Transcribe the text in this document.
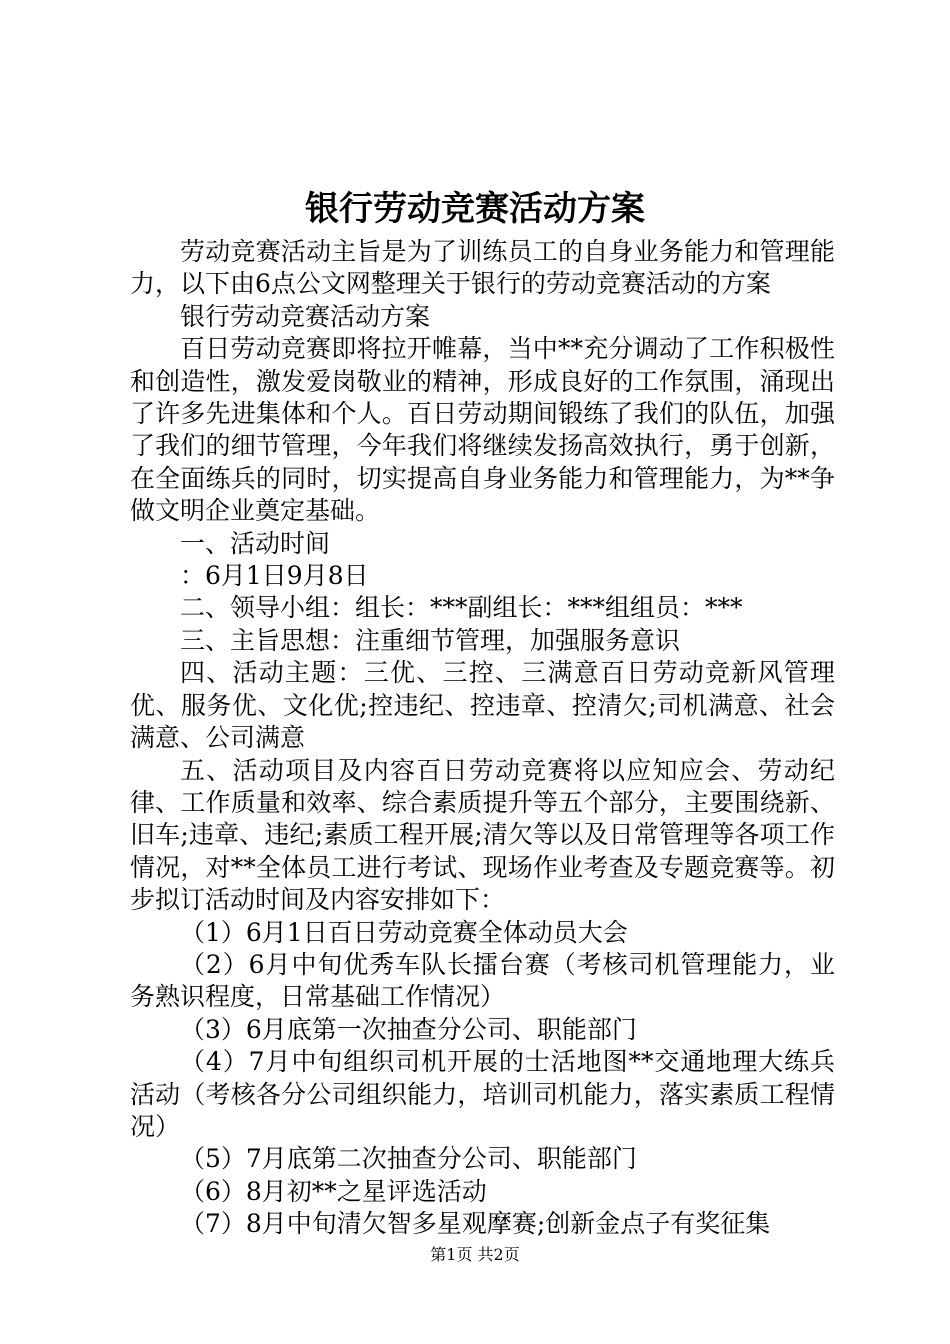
银行劳动竞赛活动方案

劳动竞赛活动主旨是为了训练员工的自身业务能力和管理能力，以下由6点公文网整理关于银行的劳动竞赛活动的方案

银行劳动竞赛活动方案

百日劳动竞赛即将拉开帷幕，当中**充分调动了工作积极性和创造性，激发爱岗敬业的精神，形成良好的工作氛围，涌现出了许多先进集体和个人。百日劳动期间锻练了我们的队伍，加强了我们的细节管理，今年我们将继续发扬高效执行，勇于创新，在全面练兵的同时，切实提高自身业务能力和管理能力，为**争做文明企业奠定基础。

一、活动时间

：6月1日9月8日

二、领导小组：组长：***副组长：***组组员：***

三、主旨思想：注重细节管理，加强服务意识

四、活动主题：三优、三控、三满意百日劳动竞新风管理优、服务优、文化优;控违纪、控违章、控清欠;司机满意、社会满意、公司满意

五、活动项目及内容百日劳动竞赛将以应知应会、劳动纪律、工作质量和效率、综合素质提升等五个部分，主要围绕新、旧车;违章、违纪;素质工程开展;清欠等以及日常管理等各项工作情况，对**全体员工进行考试、现场作业考查及专题竞赛等。初步拟订活动时间及内容安排如下：

（1）6月1日百日劳动竞赛全体动员大会

（2）6月中旬优秀车队长擂台赛（考核司机管理能力，业务熟识程度，日常基础工作情况）

（3）6月底第一次抽查分公司、职能部门

（4）7月中旬组织司机开展的士活地图**交通地理大练兵活动（考核各分公司组织能力，培训司机能力，落实素质工程情况）

（5）7月底第二次抽查分公司、职能部门

（6）8月初**之星评选活动

（7）8月中旬清欠智多星观摩赛;创新金点子有奖征集

第1页 共2页
